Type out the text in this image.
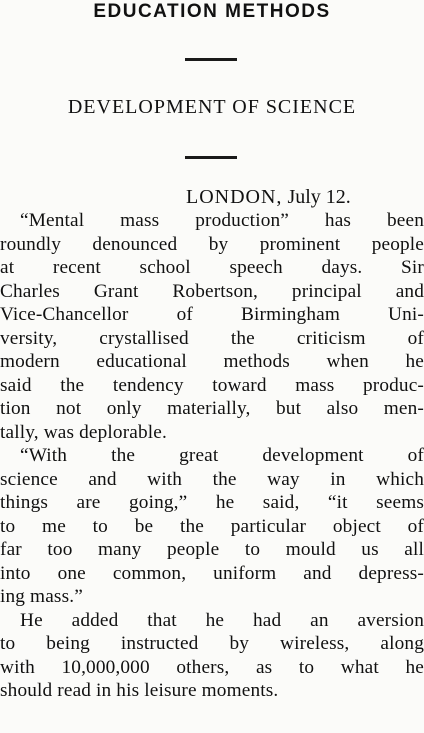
EDUCATION METHODS
DEVELOPMENT OF SCIENCE
LONDON, July 12.
“Mental mass production” has been
roundly denounced by prominent people
at recent school speech days. Sir
Charles Grant Robertson, principal and
Vice-Chancellor of Birmingham Uni-
versity, crystallised the criticism of
modern educational methods when he
said the tendency toward mass produc-
tion not only materially, but also men-
tally, was deplorable.
“With the great development of
science and with the way in which
things are going,” he said, “it seems
to me to be the particular object of
far too many people to mould us all
into one common, uniform and depress-
ing mass.”
He added that he had an aversion
to being instructed by wireless, along
with 10,000,000 others, as to what he
should read in his leisure moments.
